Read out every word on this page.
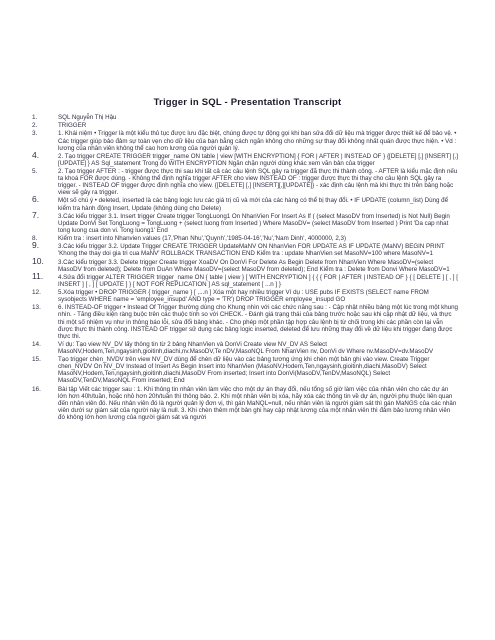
Trigger in SQL - Presentation Transcript
1.	SQL Nguyễn Thị Hậu
2.	TRIGGER
3.	1. Khái niệm • Trigger là một kiểu thủ tục được lưu đặc biệt, chúng được tự động gọi khi bạn sửa đổi dữ liệu mà trigger được thiết kế để bảo vệ. • Các trigger giúp bảo đảm sự toàn vẹn cho dữ liệu của bạn bằng cách ngăn không cho những sự thay đổi không nhất quán được thực hiện. • Vd : lương của nhân viên không thể cao hơn lương của người quản lý.
4.	2. Tạo trigger CREATE TRIGGER trigger_name ON table | view [WITH ENCRYPTION] { FOR | AFTER | INSTEAD OF } {[DELETE] [,] [INSERT] [,] [UPDATE] } AS Sql_statement Trong đó WITH ENCRYPTION Ngăn chặn người dùng khác xem văn bản của trigger
5.	2. Tạo trigger AFTER : - trigger được thực thi sau khi tất cả các câu lệnh SQL gây ra trigger đã thực thi thành công. - AFTER là kiểu mặc định nếu ta khoá FOR được dùng. - Không thể định nghĩa trigger AFTER cho view INSTEAD OF : trigger được thực thi thay cho câu lệnh SQL gây ra trigger. - INSTEAD OF trigger được định nghĩa cho view. {[DELETE] [,] [INSERT][,][UPDATE]} - xác định câu lệnh mà khi thực thi trên bảng hoặc view sẽ gây ra trigger.
6.	Một số chú ý • deleted, inserted là các bảng logic lưu các giá trị cũ và mới của các hàng có thể bị thay đổi. • IF UPDATE (column_list) Dùng để kiểm tra hành động Insert, Update (không dùng cho Delete)
7.	3.Các kiểu trigger 3.1. Insert trigger Create trigger TongLuong1 On NhanVien For Insert As If ( (select MasoDV from Inserted) is Not Null) Begin Update DonVi Set TongLuong = TongLuong + (select luong from Inserted ) Where MasoDV= (select MasoDV from Inserted ) Print 'Da cap nhat tong luong cua don vi. Tong luong1' End
8.	Kiểm tra : insert into Nhanvien values (17,'Phan Nhu','Quynh','1985-04-16','Nu','Nam Dinh', 4000000, 2,3)
9.	3.Các kiểu trigger 3.2. Update Trigger CREATE TRIGGER UpdateMaNV ON NhanVien FOR UPDATE AS IF UPDATE (MaNV) BEGIN PRINT 'Khong the thay doi gia tri cua MaNV' ROLLBACK TRANSACTION END Kiểm tra : update NhanVien set MasoNV=100 where MasoNV=1
10.	3.Các kiểu trigger 3.3. Delete trigger Create trigger XoaDV On DonVi For Delete As Begin Delete from NhanVien Where MasoDV=(select MasoDV from deleted); Delete from DuAn Where MasoDV=(select MasoDV from deleted); End Kiểm tra : Delete from Donvi Where MasoDV=1
11.	4.Sửa đổi trigger ALTER TRIGGER trigger_name ON { table | view } [ WITH ENCRYPTION ] { { { FOR | AFTER | INSTEAD OF } { [ DELETE ] [ , ] [ INSERT ] [ , ] [ UPDATE ] } [ NOT FOR REPLICATION ] AS sql_statement [ ...n ] }
12.	5.Xóa trigger • DROP TRIGGER { trigger_name } [ ,...n ] Xóa một hay nhiều trigger Ví dụ : USE pubs IF EXISTS (SELECT name FROM sysobjects WHERE name = 'employee_insupd' AND type = 'TR') DROP TRIGGER employee_insupd GO
13.	6. INSTEAD-OF trigger • Instead Of Trigger thường dùng cho Khung nhìn với các chức năng sau : - Cập nhật nhiều bảng một lúc trong một khung nhìn. - Tăng điều kiện ràng buộc trên các thuộc tính so với CHECK. - Đánh giá trạng thái của bảng trước hoặc sau khi cập nhật dữ liệu, và thực thi một số nhiệm vụ như in thông báo lỗi, sửa đổi bảng khác. - Cho phép một phần tập hợp câu lệnh bị từ chối trong khi các phần còn lại vẫn được thực thi thành công. INSTEAD OF trigger sử dụng các bảng logic inserted, deleted để lưu những thay đổi về dữ liệu khi trigger đang được thực thi.
14.	Ví dụ: Tạo view NV_DV lấy thông tin từ 2 bảng NhanVien và DonVi Create view NV_DV AS Select MasoNV,Hodem,Ten,ngaysinh,gioitinh,diachi,nv.MasoDV,Te nDV,MasoNQL From NhanVien nv, DonVi dv Where nv.MasoDV=dv.MasoDV
15.	Tạo trigger chèn_NVDV trên view NV_DV dùng để chèn dữ liệu vào các bảng tương ứng khi chèn một bản ghi vào view. Create Trigger chen_NVDV On NV_DV Instead of Insert As Begin Insert into NhanVien (MasoNV,Hodem,Ten,ngaysinh,gioitinh,diachi,MasoDV) Select MasoNV,Hodem,Ten,ngaysinh,gioitinh,diachi,MasoDV From inserted; Insert into DonVi(MasoDV,TenDV,MasoNQL) Select MasoDV,TenDV,MasoNQL From inserted; End
16.	Bài tập Viết các trigger sau : 1. Khi thông tin nhân viên làm việc cho một dự án thay đổi, nếu tổng số giờ làm việc của nhân viên cho các dự án lớn hơn 40h/tuần, hoặc nhỏ hơn 20h/tuần thì thông báo. 2. Khi một nhân viên bị xóa, hãy xóa các thông tin về dự án, người phụ thuộc liên quan đến nhân viên đó. Nếu nhân viên đó là người quản lý đơn vị, thì gán MaNQL=null, nếu nhân viên là người giám sát thì gán MaNGS của các nhân viên dưới sự giám sát của người này là null. 3. Khi chèn thêm một bản ghi hay cập nhật lương của một nhân viên thì đảm bảo lương nhân viên đó không lớn hơn lương của người giám sát và người
